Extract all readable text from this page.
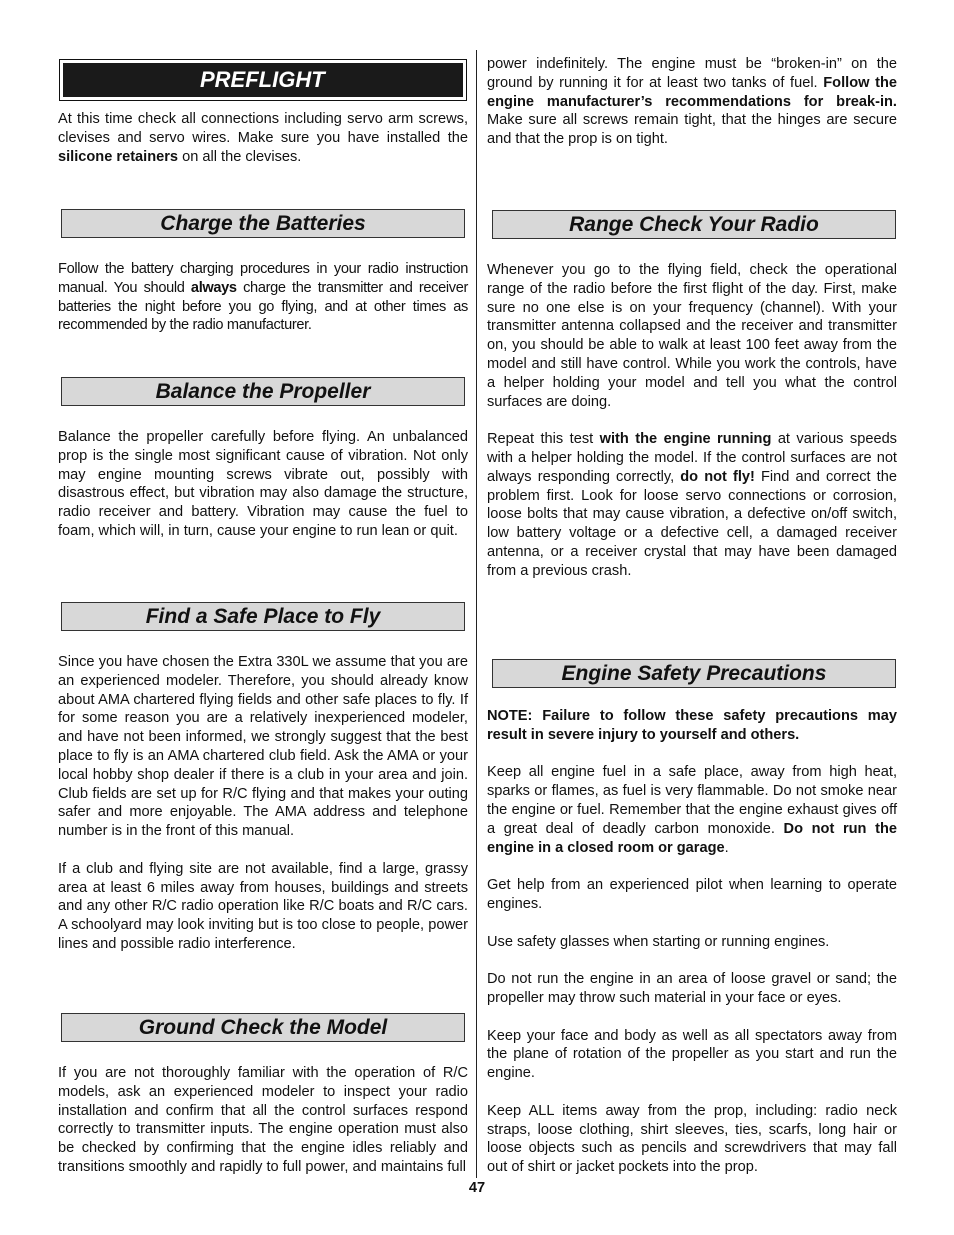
PREFLIGHT

At this time check all connections including servo arm screws, clevises and servo wires. Make sure you have installed the silicone retainers on all the clevises.

Charge the Batteries

Follow the battery charging procedures in your radio instruction manual. You should always charge the transmitter and receiver batteries the night before you go flying, and at other times as recommended by the radio manufacturer.

Balance the Propeller

Balance the propeller carefully before flying. An unbalanced prop is the single most significant cause of vibration. Not only may engine mounting screws vibrate out, possibly with disastrous effect, but vibration may also damage the structure, radio receiver and battery. Vibration may cause the fuel to foam, which will, in turn, cause your engine to run lean or quit.

Find a Safe Place to Fly

Since you have chosen the Extra 330L we assume that you are an experienced modeler. Therefore, you should already know about AMA chartered flying fields and other safe places to fly. If for some reason you are a relatively inexperienced modeler, and have not been informed, we strongly suggest that the best place to fly is an AMA chartered club field. Ask the AMA or your local hobby shop dealer if there is a club in your area and join. Club fields are set up for R/C flying and that makes your outing safer and more enjoyable. The AMA address and telephone number is in the front of this manual.

If a club and flying site are not available, find a large, grassy area at least 6 miles away from houses, buildings and streets and any other R/C radio operation like R/C boats and R/C cars. A schoolyard may look inviting but is too close to people, power lines and possible radio interference.

Ground Check the Model

If you are not thoroughly familiar with the operation of R/C models, ask an experienced modeler to inspect your radio installation and confirm that all the control surfaces respond correctly to transmitter inputs. The engine operation must also be checked by confirming that the engine idles reliably and transitions smoothly and rapidly to full power, and maintains full

power indefinitely. The engine must be “broken-in” on the ground by running it for at least two tanks of fuel. Follow the engine manufacturer’s recommendations for break-in. Make sure all screws remain tight, that the hinges are secure and that the prop is on tight.

Range Check Your Radio

Whenever you go to the flying field, check the operational range of the radio before the first flight of the day. First, make sure no one else is on your frequency (channel). With your transmitter antenna collapsed and the receiver and transmitter on, you should be able to walk at least 100 feet away from the model and still have control. While you work the controls, have a helper holding your model and tell you what the control surfaces are doing.

Repeat this test with the engine running at various speeds with a helper holding the model. If the control surfaces are not always responding correctly, do not fly! Find and correct the problem first. Look for loose servo connections or corrosion, loose bolts that may cause vibration, a defective on/off switch, low battery voltage or a defective cell, a damaged receiver antenna, or a receiver crystal that may have been damaged from a previous crash.

Engine Safety Precautions

NOTE: Failure to follow these safety precautions may result in severe injury to yourself and others.

Keep all engine fuel in a safe place, away from high heat, sparks or flames, as fuel is very flammable. Do not smoke near the engine or fuel. Remember that the engine exhaust gives off a great deal of deadly carbon monoxide. Do not run the engine in a closed room or garage.

Get help from an experienced pilot when learning to operate engines.

Use safety glasses when starting or running engines.

Do not run the engine in an area of loose gravel or sand; the propeller may throw such material in your face or eyes.

Keep your face and body as well as all spectators away from the plane of rotation of the propeller as you start and run the engine.

Keep ALL items away from the prop, including: radio neck straps, loose clothing, shirt sleeves, ties, scarfs, long hair or loose objects such as pencils and screwdrivers that may fall out of shirt or jacket pockets into the prop.

47
